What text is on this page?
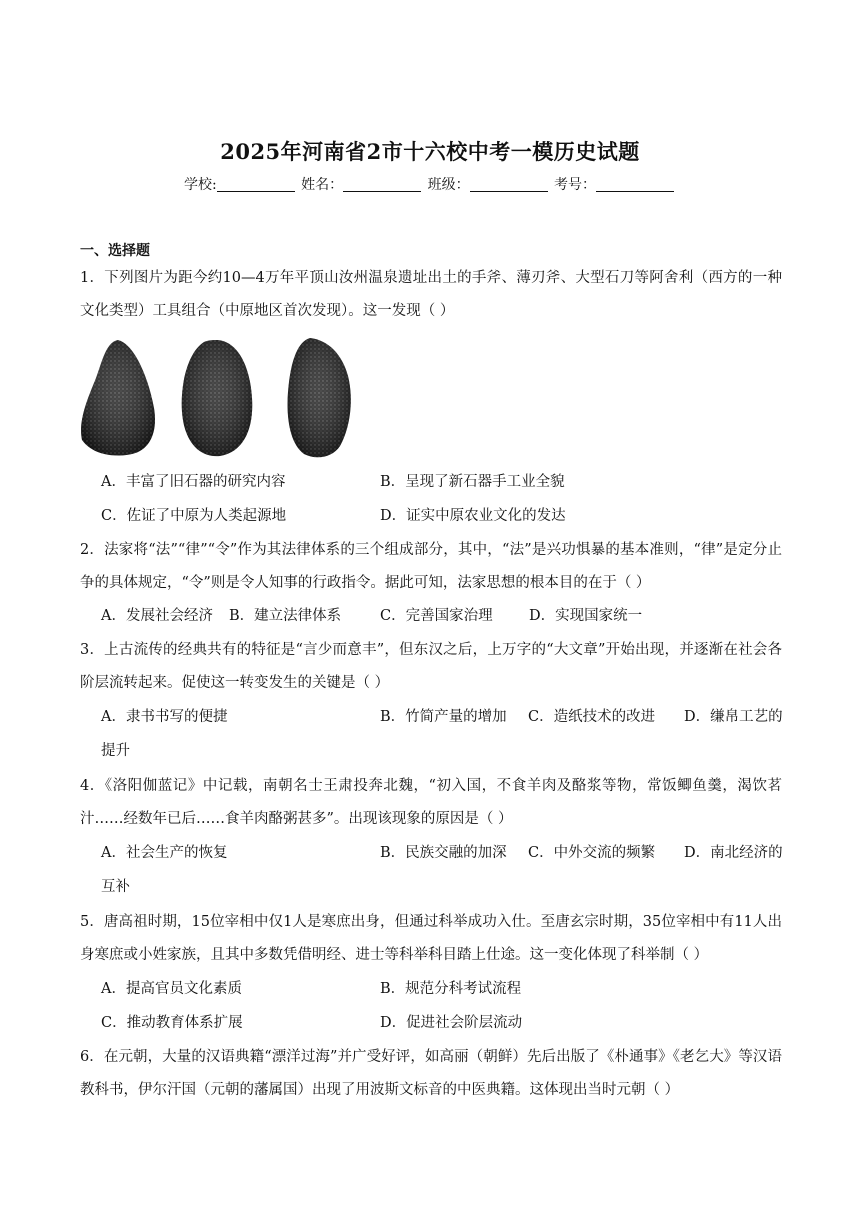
2025年河南省2市十六校中考一模历史试题
学校:	姓名：	班级：	考号：
一、选择题
1．下列图片为距今约10—4万年平顶山汝州温泉遗址出土的手斧、薄刃斧、大型石刀等阿舍利（西方的一种文化类型）工具组合（中原地区首次发现）。这一发现（ ）
A．丰富了旧石器的研究内容	B．呈现了新石器手工业全貌
C．佐证了中原为人类起源地	D．证实中原农业文化的发达
2．法家将“法”“律”“令”作为其法律体系的三个组成部分，其中，“法”是兴功惧暴的基本准则，“律”是定分止争的具体规定，“令”则是令人知事的行政指令。据此可知，法家思想的根本目的在于（ ）
A．发展社会经济 B．建立法律体系	C．完善国家治理	D．实现国家统一
3．上古流传的经典共有的特征是“言少而意丰”，但东汉之后，上万字的“大文章”开始出现，并逐渐在社会各阶层流转起来。促使这一转变发生的关键是（ ）
A．隶书书写的便捷	B．竹简产量的增加 C．造纸技术的改进 D．缣帛工艺的
提升
4．《洛阳伽蓝记》中记载，南朝名士王肃投奔北魏，“初入国，不食羊肉及酪浆等物，常饭鲫鱼羹，渴饮茗汁……经数年已后……食羊肉酪粥甚多”。出现该现象的原因是（ ）
A．社会生产的恢复	B．民族交融的加深 C．中外交流的频繁 D．南北经济的
互补
5．唐高祖时期，15位宰相中仅1人是寒庶出身，但通过科举成功入仕。至唐玄宗时期，35位宰相中有11人出身寒庶或小姓家族，且其中多数凭借明经、进士等科举科目踏上仕途。这一变化体现了科举制（ ）
A．提高官员文化素质	B．规范分科考试流程
C．推动教育体系扩展	D．促进社会阶层流动
6．在元朝，大量的汉语典籍“漂洋过海”并广受好评，如高丽（朝鲜）先后出版了《朴通事》《老乞大》等汉语教科书，伊尔汗国（元朝的藩属国）出现了用波斯文标音的中医典籍。这体现出当时元朝（ ）
